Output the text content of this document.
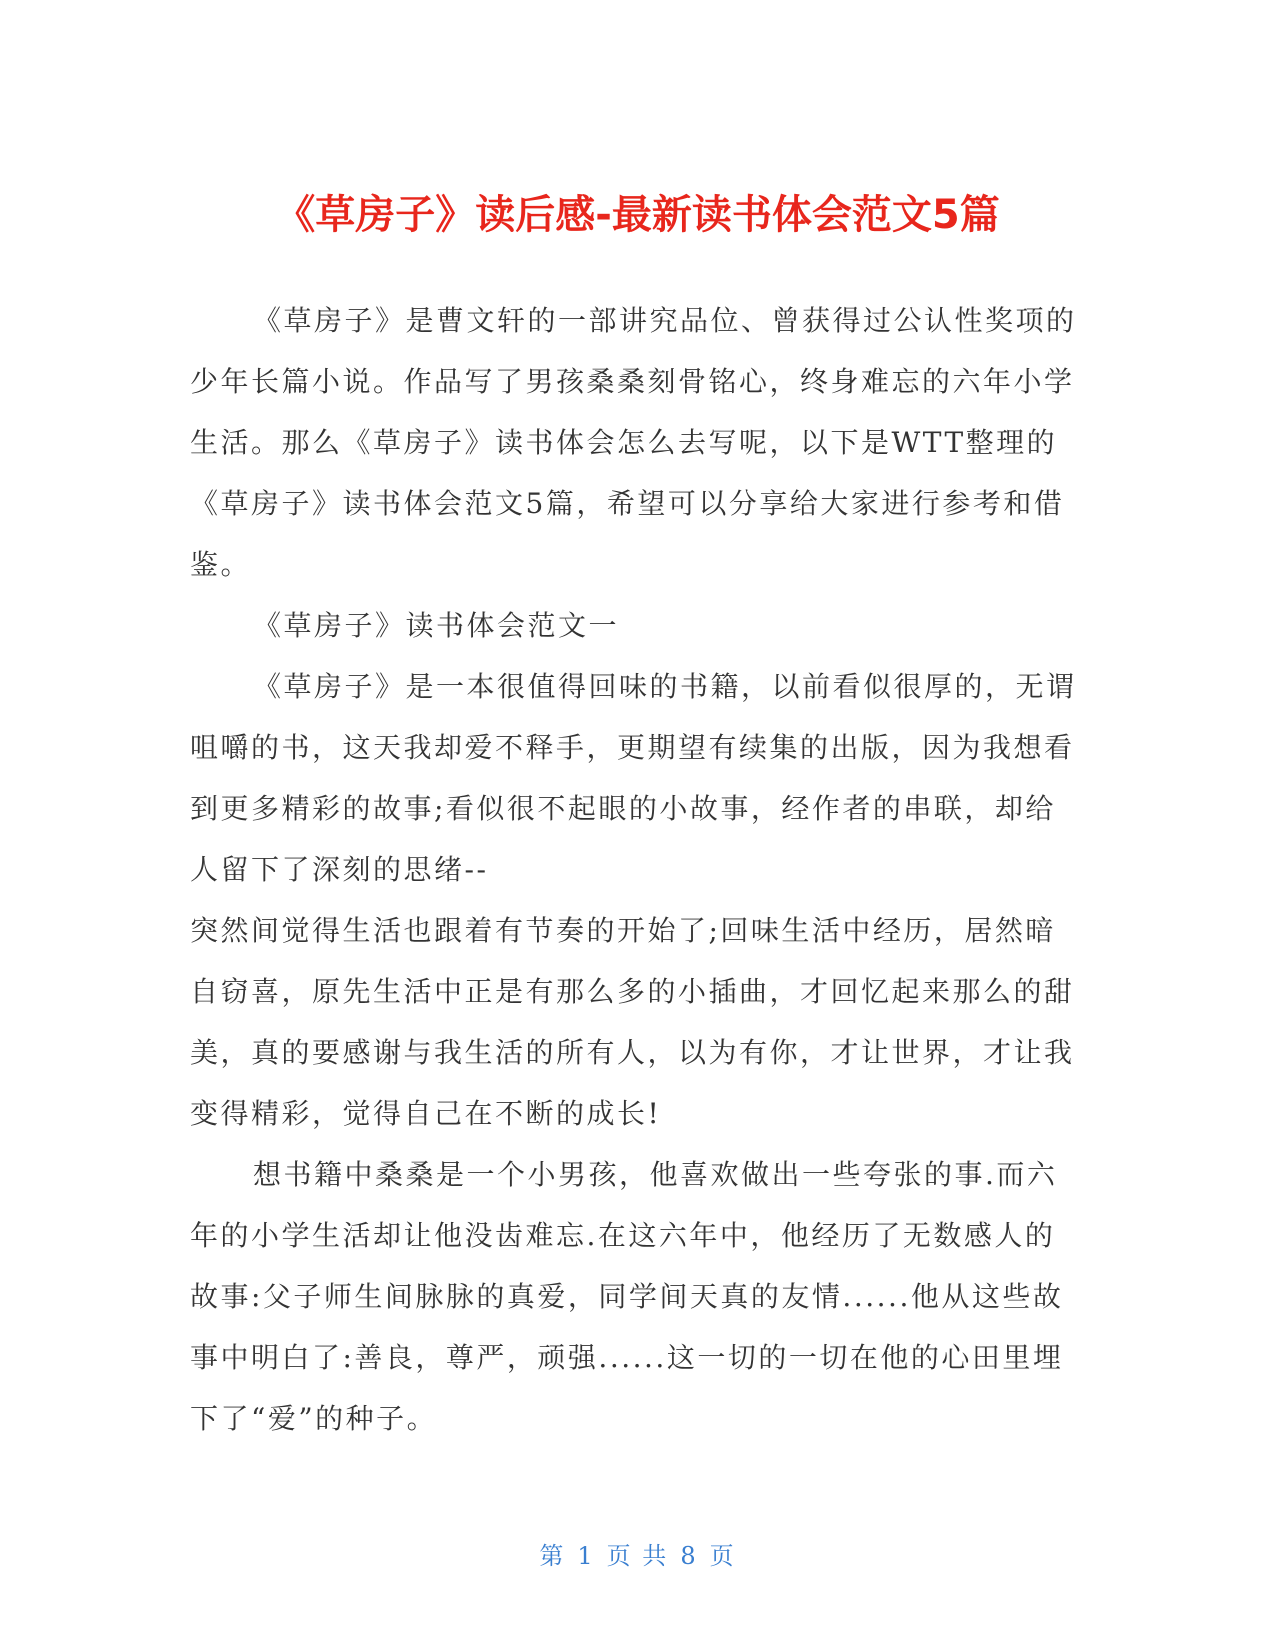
《草房子》读后感-最新读书体会范文5篇

《草房子》是曹文轩的一部讲究品位、曾获得过公认性奖项的少年长篇小说。作品写了男孩桑桑刻骨铭心，终身难忘的六年小学生活。那么《草房子》读书体会怎么去写呢，以下是WTT整理的《草房子》读书体会范文5篇，希望可以分享给大家进行参考和借鉴。

《草房子》读书体会范文一

《草房子》是一本很值得回味的书籍，以前看似很厚的，无谓咀嚼的书，这天我却爱不释手，更期望有续集的出版，因为我想看到更多精彩的故事;看似很不起眼的小故事，经作者的串联，却给人留下了深刻的思绪--

突然间觉得生活也跟着有节奏的开始了;回味生活中经历，居然暗自窃喜，原先生活中正是有那么多的小插曲，才回忆起来那么的甜美，真的要感谢与我生活的所有人，以为有你，才让世界，才让我变得精彩，觉得自己在不断的成长!

想书籍中桑桑是一个小男孩，他喜欢做出一些夸张的事.而六年的小学生活却让他没齿难忘.在这六年中，他经历了无数感人的故事:父子师生间脉脉的真爱，同学间天真的友情......他从这些故事中明白了:善良，尊严，顽强......这一切的一切在他的心田里埋下了“爱”的种子。

第 1 页 共 8 页
